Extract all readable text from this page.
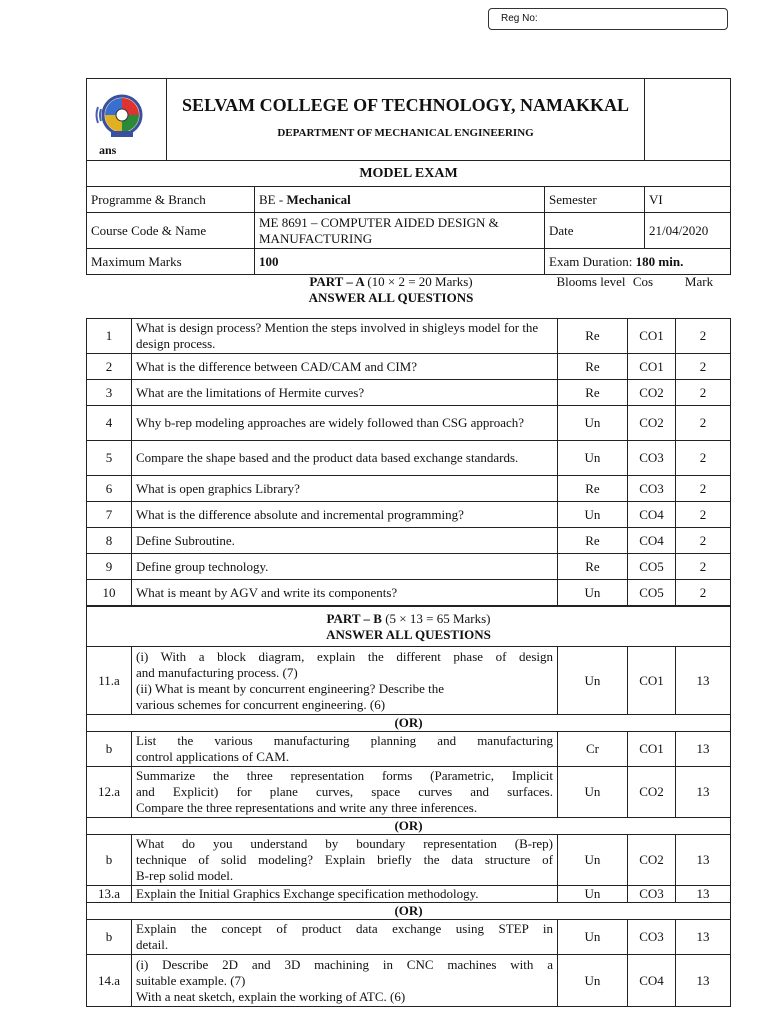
Reg No:
ans	SELVAM COLLEGE OF TECHNOLOGY, NAMAKKAL
DEPARTMENT OF MECHANICAL ENGINEERING			

MODEL EXAM				
Programme & Branch		BE - Mechanical	Semester	VI
Course Code & Name		ME 8691 – COMPUTER AIDED DESIGN & MANUFACTURING	Date	21/04/2020
Maximum Marks		100	Exam Duration: 180 min.	
PART – A (10 × 2 = 20 Marks)
ANSWER ALL QUESTIONS
Blooms level Cos	Mark
1	What is design process? Mention the steps involved in shigleys model for the design process.	Re	CO1	2
2	What is the difference between CAD/CAM and CIM?	Re	CO1	2
3	What are the limitations of Hermite curves?	Re	CO2	2
4	Why b-rep modeling approaches are widely followed than CSG approach?	Un	CO2	2
5	Compare the shape based and the product data based exchange standards.	Un	CO3	2
6	What is open graphics Library?	Re	CO3	2
7	What is the difference absolute and incremental programming?	Un	CO4	2
8	Define Subroutine.	Re	CO4	2
9	Define group technology.	Re	CO5	2
10	What is meant by AGV and write its components?	Un	CO5	2
PART – B (5 × 13 = 65 Marks)
ANSWER ALL QUESTIONS				
11.a	(i) With a block diagram, explain the different phase of design
and manufacturing process. (7)
(ii) What is meant by concurrent engineering? Describe the
various schemes for concurrent engineering. (6)	Un	CO1	13
(OR)				
b	List the various manufacturing planning and manufacturing
control applications of CAM.	Cr	CO1	13
12.a	Summarize the three representation forms (Parametric, Implicit
and Explicit) for plane curves, space curves and surfaces.
Compare the three representations and write any three inferences.	Un	CO2	13
(OR)				
b	What do you understand by boundary representation (B-rep)
technique of solid modeling? Explain briefly the data structure of
B-rep solid model.	Un	CO2	13
13.a	Explain the Initial Graphics Exchange specification methodology.	Un	CO3	13
(OR)				
b	Explain the concept of product data exchange using STEP in
detail.	Un	CO3	13
14.a	(i) Describe 2D and 3D machining in CNC machines with a
suitable example. (7)
With a neat sketch, explain the working of ATC. (6)	Un	CO4	13
